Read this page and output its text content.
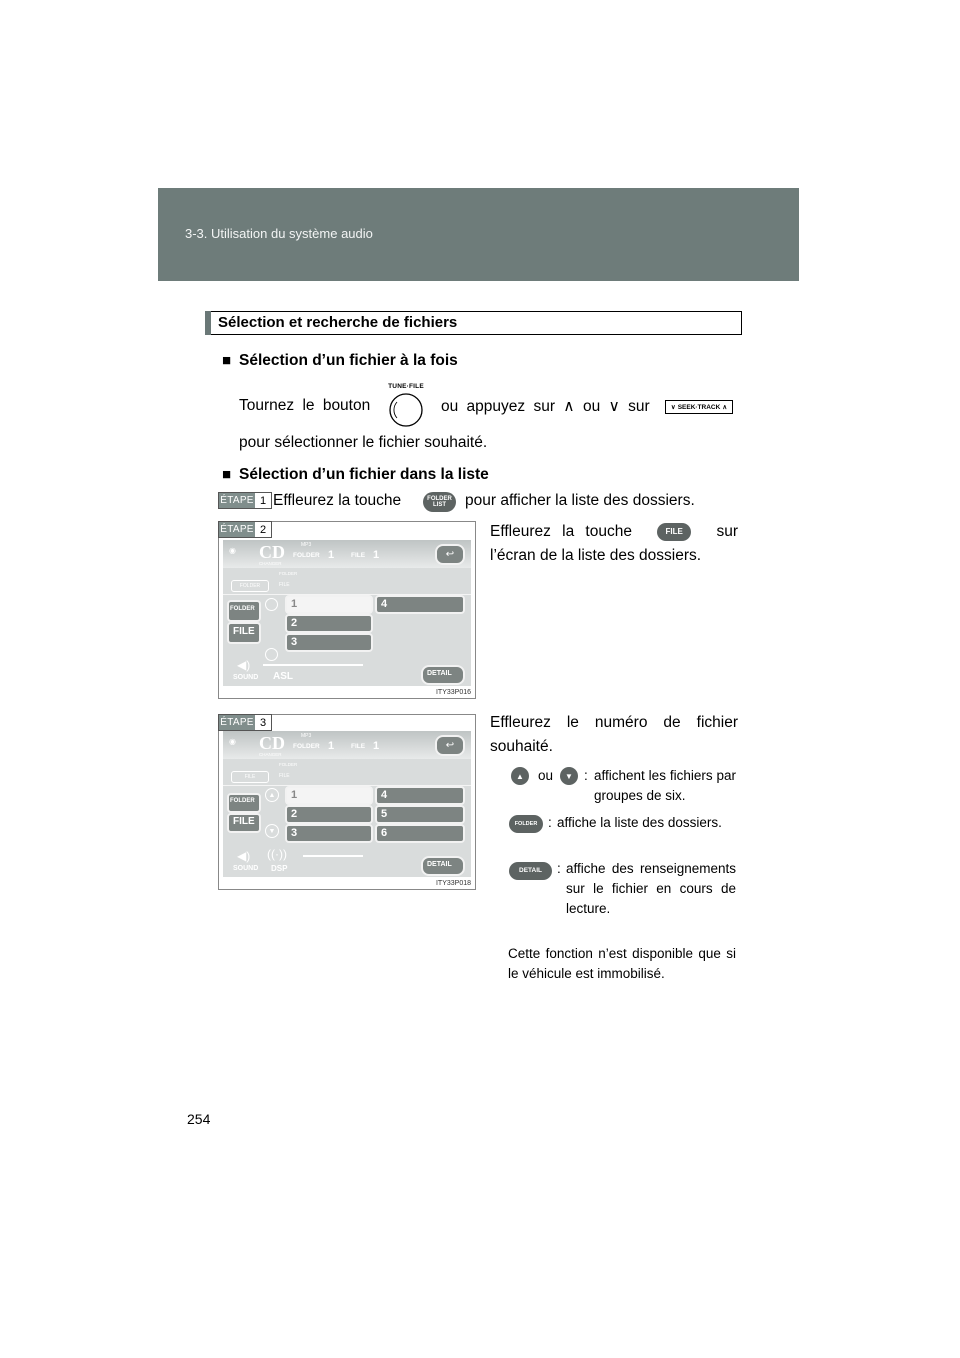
3-3. Utilisation du système audio
Sélection et recherche de fichiers
■ Sélection d’un fichier à la fois
Tournez le bouton
TUNE·FILE
ou appuyez sur ∧ ou ∨ sur	∨ SEEK·TRACK ∧
pour sélectionner le fichier souhaité.
■ Sélection d’un fichier dans la liste
ÉTAPE 1 Effleurez la touche	FOLDER
LIST pour afficher la liste des dossiers.
ÉTAPE 2
◉ CD
CHANGER
MP3
FOLDER 1	FILE 1	↩
FOLDER
FOLDER	FILE
FOLDER
FILE
1
2
3
4
◀)
SOUND ASL	DETAIL
ITY33P016
Effleurez la touche	FILE sur l’écran de la liste des dossiers.
ÉTAPE 3
◉ CD
CHANGER
MP3
FOLDER 1	FILE 1	↩
FOLDER
FILE	FILE
▲
▼
FOLDER
FILE
1
2
3
4
5
6
◀) ((·))
SOUND DSP	DETAIL
ITY33P018
Effleurez le numéro de fichier souhaité.
▲	ou	▼ : affichent les fichiers par groupes de six.
FOLDER : affiche la liste des dossiers.
DETAIL	: affiche des renseignements sur le fichier en cours de lecture.
Cette fonction n’est disponible que si le véhicule est immobilisé.
254
